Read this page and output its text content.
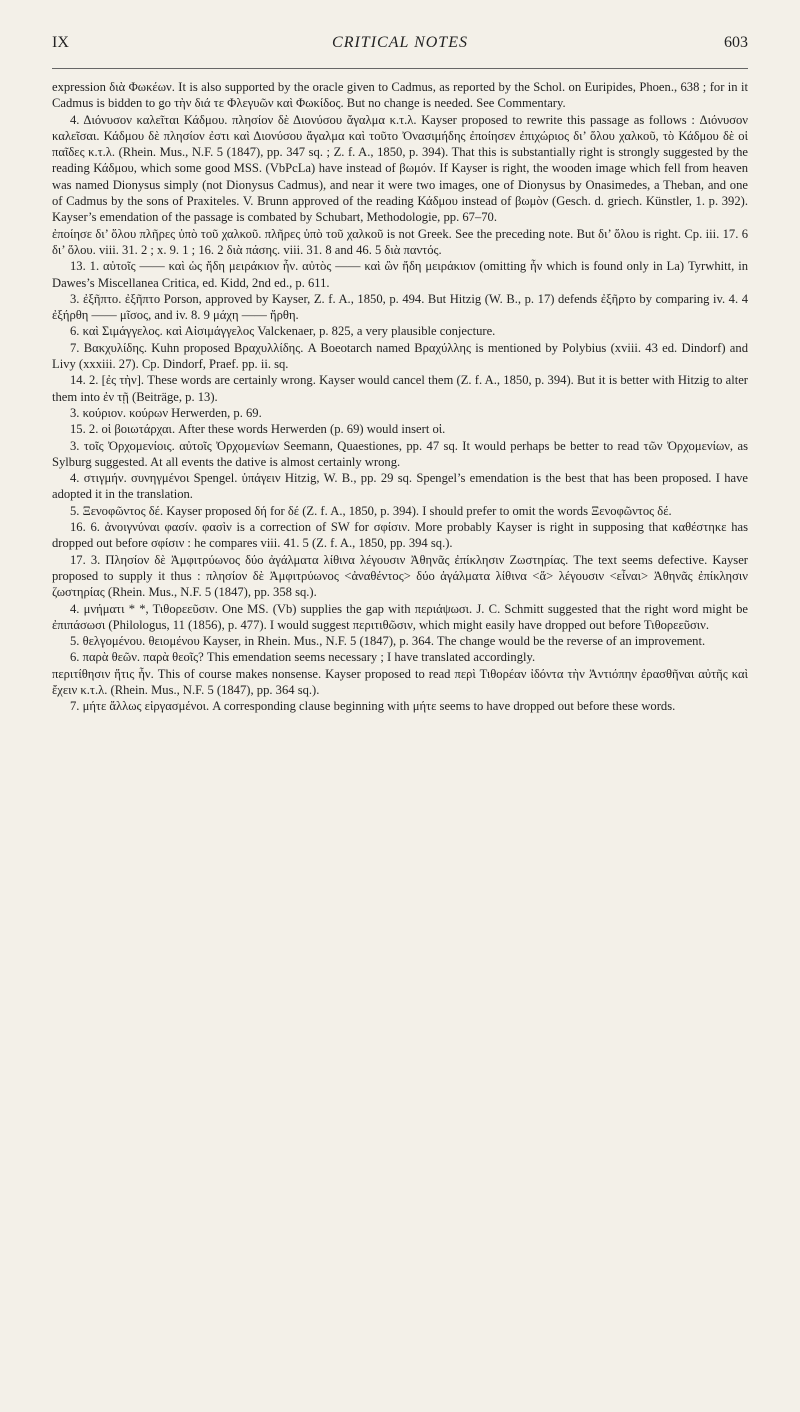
IX	CRITICAL NOTES	603

expression διὰ Φωκέων. It is also supported by the oracle given to Cadmus, as reported by the Schol. on Euripides, Phoen., 638 ; for in it Cadmus is bidden to go τὴν διά τε Φλεγυῶν καὶ Φωκίδος. But no change is needed. See Commentary.

4. Διόνυσον καλεῖται Κάδμου. πλησίον δὲ Διονύσου ἄγαλμα κ.τ.λ. Kayser proposed to rewrite this passage as follows : Διόνυσον καλεῖσαι. Κάδμου δὲ πλησίον ἐστι καὶ Διονύσου ἄγαλμα καὶ τοῦτο Ὀνασιμήδης ἐποίησεν ἐπιχώριος δι’ ὅλου χαλκοῦ, τὸ Κάδμου δὲ οἱ παῖδες κ.τ.λ. (Rhein. Mus., N.F. 5 (1847), pp. 347 sq. ; Z. f. A., 1850, p. 394). That this is substantially right is strongly suggested by the reading Κάδμου, which some good MSS. (VbPcLa) have instead of βωμόν. If Kayser is right, the wooden image which fell from heaven was named Dionysus simply (not Dionysus Cadmus), and near it were two images, one of Dionysus by Onasimedes, a Theban, and one of Cadmus by the sons of Praxiteles. V. Brunn approved of the reading Κάδμου instead of βωμὸν (Gesch. d. griech. Künstler, 1. p. 392). Kayser’s emendation of the passage is combated by Schubart, Methodologie, pp. 67–70.

ἐποίησε δι’ ὅλου πλῆρες ὑπὸ τοῦ χαλκοῦ. πλῆρες ὑπὸ τοῦ χαλκοῦ is not Greek. See the preceding note. But δι’ ὅλου is right. Cp. iii. 17. 6 δι’ ὅλου. viii. 31. 2 ; x. 9. 1 ; 16. 2 διὰ πάσης. viii. 31. 8 and 46. 5 διὰ παντός.

13. 1. αὐτοῖς —— καὶ ὡς ἤδη μειράκιον ἦν. αὐτὸς —— καὶ ὢν ἤδη μειράκιον (omitting ἦν which is found only in La) Tyrwhitt, in Dawes’s Miscellanea Critica, ed. Kidd, 2nd ed., p. 611.

3. ἐξῆπτο. ἐξῆπτο Porson, approved by Kayser, Z. f. A., 1850, p. 494. But Hitzig (W. B., p. 17) defends ἐξῆρτο by comparing iv. 4. 4 ἐξήρθη —— μῖσος, and iv. 8. 9 μάχη —— ἤρθη.

6. καὶ Σιμάγγελος. καὶ Αἰσιμάγγελος Valckenaer, p. 825, a very plausible conjecture.

7. Βακχυλίδης. Kuhn proposed Βραχυλλίδης. A Boeotarch named Βραχύλλης is mentioned by Polybius (xviii. 43 ed. Dindorf) and Livy (xxxiii. 27). Cp. Dindorf, Praef. pp. ii. sq.

14. 2. [ἐς τὴν]. These words are certainly wrong. Kayser would cancel them (Z. f. A., 1850, p. 394). But it is better with Hitzig to alter them into ἐν τῇ (Beiträge, p. 13).

3. κούριον. κούρων Herwerden, p. 69.

15. 2. οἱ βοιωτάρχαι. After these words Herwerden (p. 69) would insert οἱ.

3. τοῖς Ὀρχομενίοις. αὐτοῖς Ὀρχομενίων Seemann, Quaestiones, pp. 47 sq. It would perhaps be better to read τῶν Ὀρχομενίων, as Sylburg suggested. At all events the dative is almost certainly wrong.

4. στιγμήν. συνηγμένοι Spengel. ὑπάγειν Hitzig, W. B., pp. 29 sq. Spengel’s emendation is the best that has been proposed. I have adopted it in the translation.

5. Ξενοφῶντος δέ. Kayser proposed δή for δέ (Z. f. A., 1850, p. 394). I should prefer to omit the words Ξενοφῶντος δέ.

16. 6. ἀνοιγνύναι φασίν. φασὶν is a correction of SW for σφίσιν. More probably Kayser is right in supposing that καθέστηκε has dropped out before σφίσιν : he compares viii. 41. 5 (Z. f. A., 1850, pp. 394 sq.).

17. 3. Πλησίον δὲ Ἀμφιτρύωνος δύο ἀγάλματα λίθινα λέγουσιν Ἀθηνᾶς ἐπίκλησιν Ζωστηρίας. The text seems defective. Kayser proposed to supply it thus : πλησίον δὲ Ἀμφιτρύωνος <ἀναθέντος> δύο ἀγάλματα λίθινα <ἅ> λέγουσιν <εἶναι> Ἀθηνᾶς ἐπίκλησιν ζωστηρίας (Rhein. Mus., N.F. 5 (1847), pp. 358 sq.).

4. μνήματι * *, Τιθορεεῦσιν. One MS. (Vb) supplies the gap with περιάψωσι. J. C. Schmitt suggested that the right word might be ἐπιπάσωσι (Philologus, 11 (1856), p. 477). I would suggest περιτιθῶσιν, which might easily have dropped out before Τιθορεεῦσιν.

5. θελγομένου. θειομένου Kayser, in Rhein. Mus., N.F. 5 (1847), p. 364. The change would be the reverse of an improvement.

6. παρὰ θεῶν. παρὰ θεοῖς? This emendation seems necessary ; I have translated accordingly.

περιτίθησιν ἥτις ἦν. This of course makes nonsense. Kayser proposed to read περὶ Τιθορέαν ἰδόντα τὴν Ἀντιόπην ἐρασθῆναι αὐτῆς καὶ ἔχειν κ.τ.λ. (Rhein. Mus., N.F. 5 (1847), pp. 364 sq.).

7. μήτε ἄλλως εἰργασμένοι. A corresponding clause beginning with μήτε seems to have dropped out before these words.
